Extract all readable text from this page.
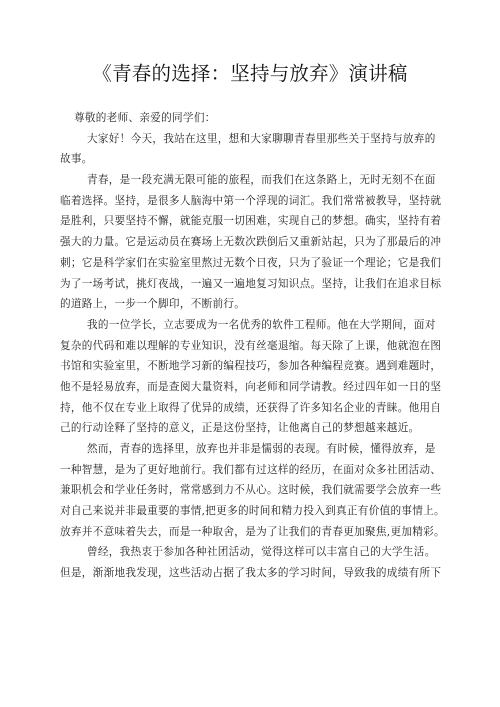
《青春的选择：坚持与放弃》演讲稿
尊敬的老师、亲爱的同学们：
大家好！今天，我站在这里，想和大家聊聊青春里那些关于坚持与放弃的
故事。
青春，是一段充满无限可能的旅程，而我们在这条路上，无时无刻不在面
临着选择。坚持，是很多人脑海中第一个浮现的词汇。我们常常被教导，坚持就
是胜利，只要坚持不懈，就能克服一切困难，实现自己的梦想。确实，坚持有着
强大的力量。它是运动员在赛场上无数次跌倒后又重新站起，只为了那最后的冲
刺；它是科学家们在实验室里熬过无数个日夜，只为了验证一个理论；它是我们
为了一场考试，挑灯夜战，一遍又一遍地复习知识点。坚持，让我们在追求目标
的道路上，一步一个脚印，不断前行。
我的一位学长，立志要成为一名优秀的软件工程师。他在大学期间，面对
复杂的代码和难以理解的专业知识，没有丝毫退缩。每天除了上课，他就泡在图
书馆和实验室里，不断地学习新的编程技巧，参加各种编程竞赛。遇到难题时，
他不是轻易放弃，而是查阅大量资料，向老师和同学请教。经过四年如一日的坚
持，他不仅在专业上取得了优异的成绩，还获得了许多知名企业的青睐。他用自
己的行动诠释了坚持的意义，正是这份坚持，让他离自己的梦想越来越近。
然而，青春的选择里，放弃也并非是懦弱的表现。有时候，懂得放弃，是
一种智慧，是为了更好地前行。我们都有过这样的经历，在面对众多社团活动、
兼职机会和学业任务时，常常感到力不从心。这时候，我们就需要学会放弃一些
对自己来说并非最重要的事情,把更多的时间和精力投入到真正有价值的事情上。
放弃并不意味着失去，而是一种取舍，是为了让我们的青春更加聚焦,更加精彩。
曾经，我热衷于参加各种社团活动，觉得这样可以丰富自己的大学生活。
但是，渐渐地我发现，这些活动占据了我太多的学习时间，导致我的成绩有所下
